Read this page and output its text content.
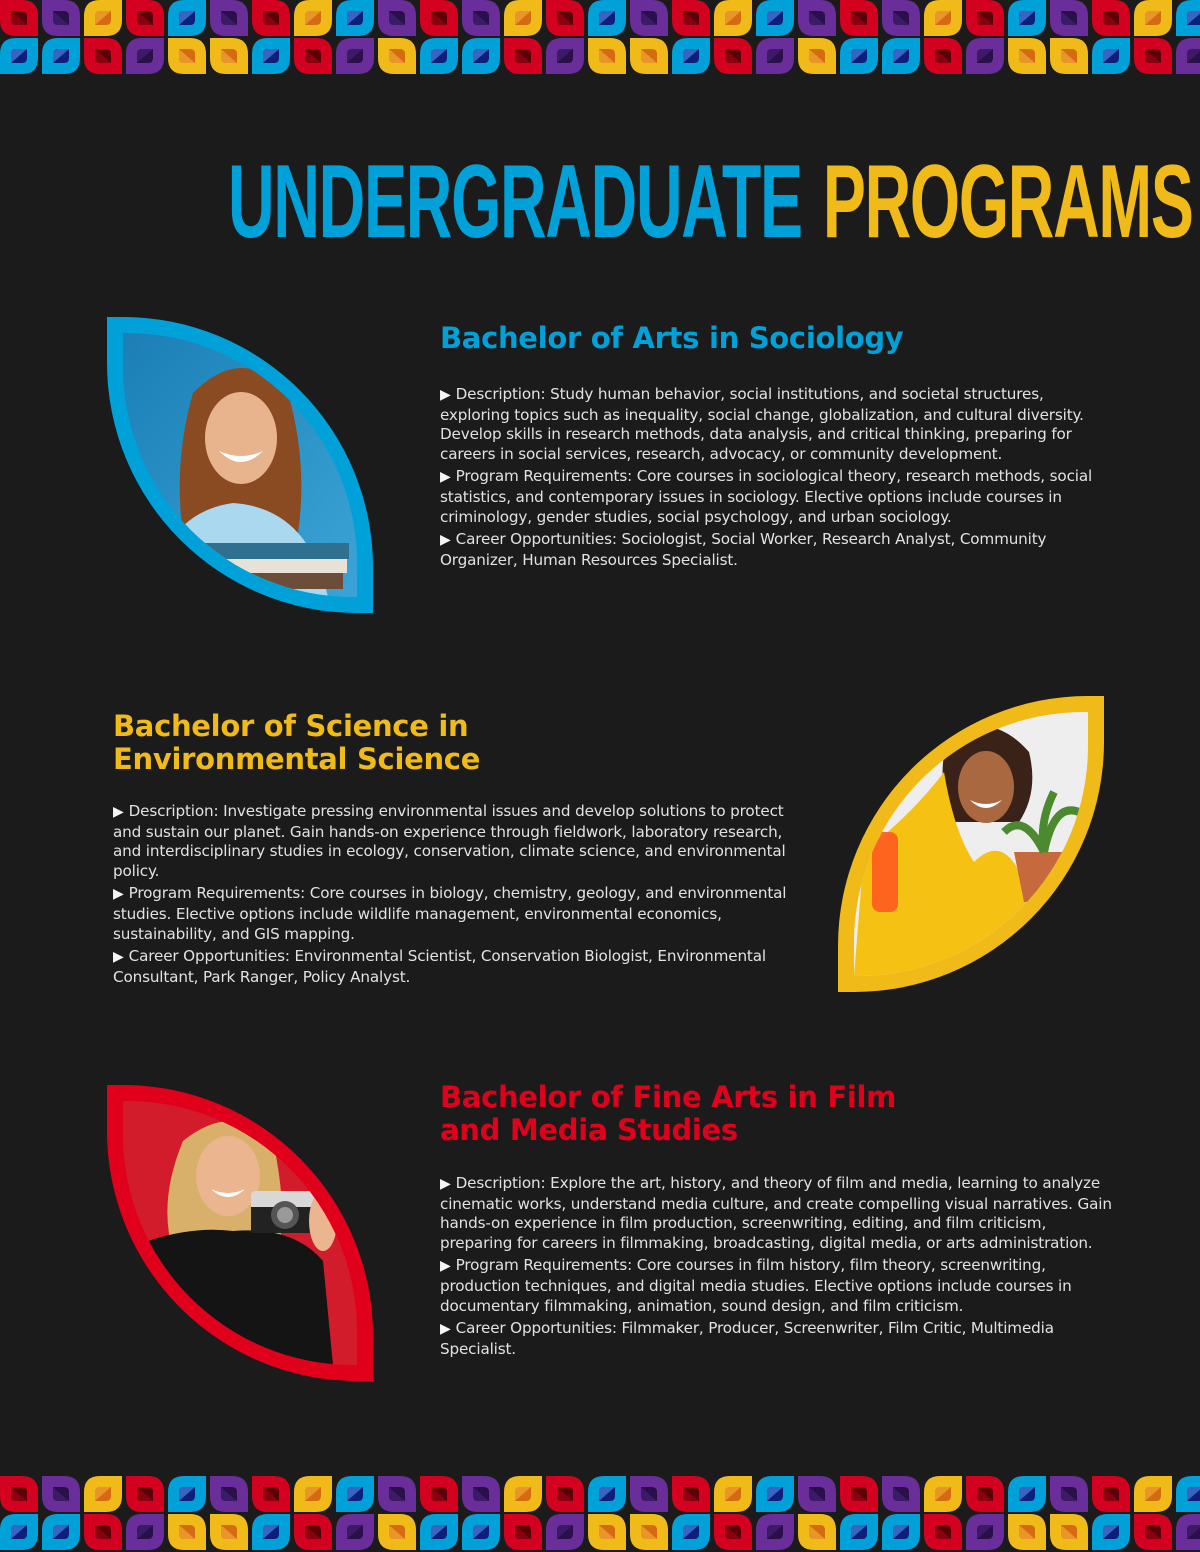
UNDERGRADUATE PROGRAMS
Bachelor of Arts in Sociology

▶ Description: Study human behavior, social institutions, and societal structures, exploring topics such as inequality, social change, globalization, and cultural diversity. Develop skills in research methods, data analysis, and critical thinking, preparing for careers in social services, research, advocacy, or community development.

▶ Program Requirements: Core courses in sociological theory, research methods, social statistics, and contemporary issues in sociology. Elective options include courses in criminology, gender studies, social psychology, and urban sociology.

▶ Career Opportunities: Sociologist, Social Worker, Research Analyst, Community Organizer, Human Resources Specialist.

Bachelor of Science in
Environmental Science

▶ Description: Investigate pressing environmental issues and develop solutions to protect and sustain our planet. Gain hands-on experience through fieldwork, laboratory research, and interdisciplinary studies in ecology, conservation, climate science, and environmental policy.

▶ Program Requirements: Core courses in biology, chemistry, geology, and environmental studies. Elective options include wildlife management, environmental economics, sustainability, and GIS mapping.

▶ Career Opportunities: Environmental Scientist, Conservation Biologist, Environmental Consultant, Park Ranger, Policy Analyst.

Bachelor of Fine Arts in Film
and Media Studies

▶ Description: Explore the art, history, and theory of film and media, learning to analyze cinematic works, understand media culture, and create compelling visual narratives. Gain hands-on experience in film production, screenwriting, editing, and film criticism, preparing for careers in filmmaking, broadcasting, digital media, or arts administration.

▶ Program Requirements: Core courses in film history, film theory, screenwriting, production techniques, and digital media studies. Elective options include courses in documentary filmmaking, animation, sound design, and film criticism.

▶ Career Opportunities: Filmmaker, Producer, Screenwriter, Film Critic, Multimedia Specialist.
